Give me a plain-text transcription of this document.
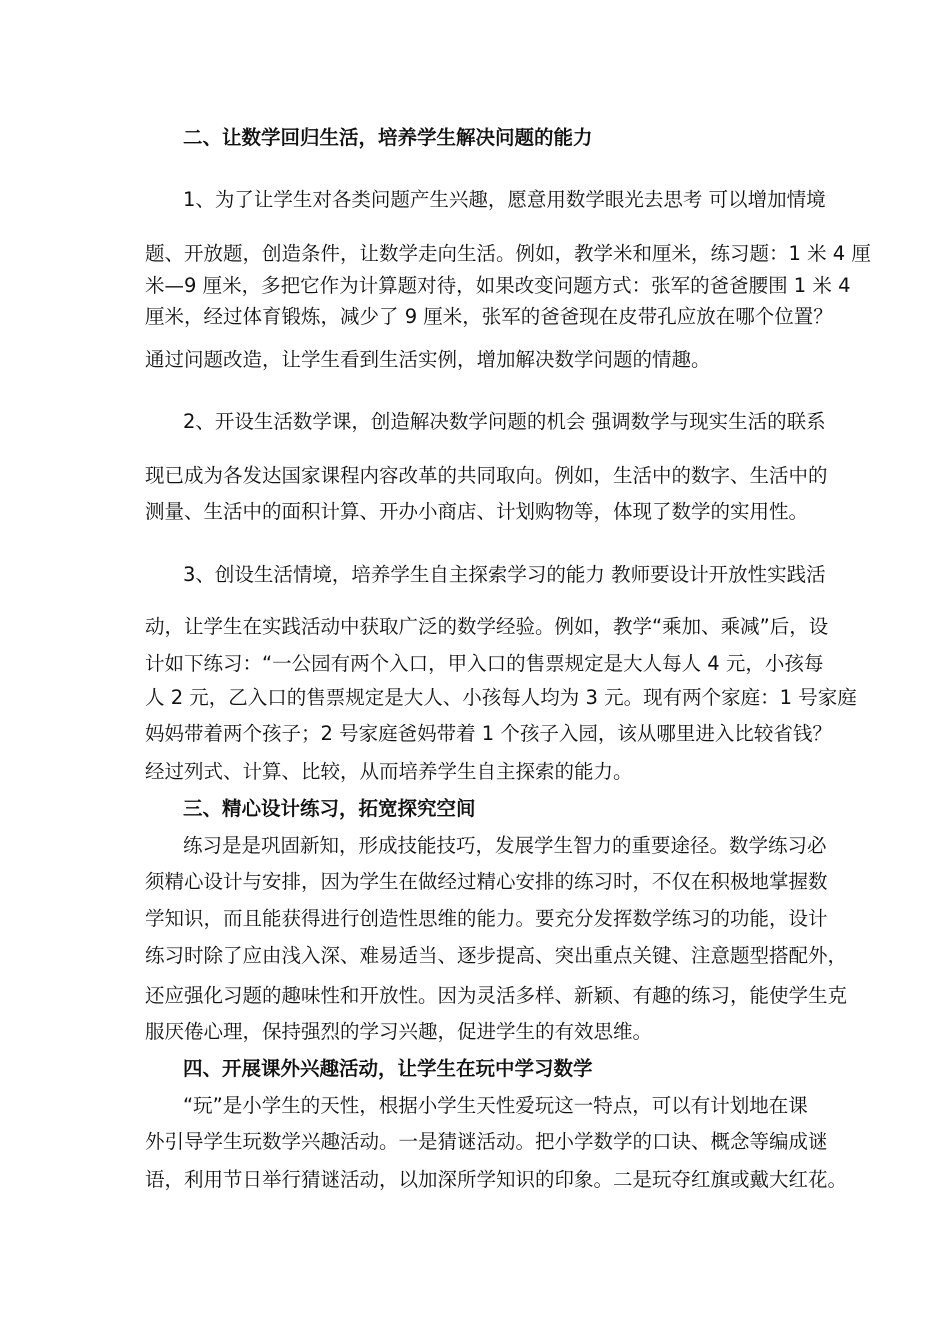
二、让数学回归生活，培养学生解决问题的能力
1、为了让学生对各类问题产生兴趣，愿意用数学眼光去思考 可以增加情境
题、开放题，创造条件，让数学走向生活。例如，教学米和厘米，练习题：1 米 4 厘
米—9 厘米，多把它作为计算题对待，如果改变问题方式：张军的爸爸腰围 1 米 4
厘米，经过体育锻炼，减少了 9 厘米，张军的爸爸现在皮带孔应放在哪个位置？
通过问题改造，让学生看到生活实例，增加解决数学问题的情趣。
2、开设生活数学课，创造解决数学问题的机会 强调数学与现实生活的联系
现已成为各发达国家课程内容改革的共同取向。例如，生活中的数字、生活中的
测量、生活中的面积计算、开办小商店、计划购物等，体现了数学的实用性。
3、创设生活情境，培养学生自主探索学习的能力 教师要设计开放性实践活
动，让学生在实践活动中获取广泛的数学经验。例如，教学“乘加、乘减”后，设
计如下练习：“一公园有两个入口，甲入口的售票规定是大人每人 4 元，小孩每
人 2 元，乙入口的售票规定是大人、小孩每人均为 3 元。现有两个家庭：1 号家庭
妈妈带着两个孩子；2 号家庭爸妈带着 1 个孩子入园，该从哪里进入比较省钱？
经过列式、计算、比较，从而培养学生自主探索的能力。
三、精心设计练习，拓宽探究空间
练习是是巩固新知，形成技能技巧，发展学生智力的重要途径。数学练习必
须精心设计与安排，因为学生在做经过精心安排的练习时，不仅在积极地掌握数
学知识，而且能获得进行创造性思维的能力。要充分发挥数学练习的功能，设计
练习时除了应由浅入深、难易适当、逐步提高、突出重点关键、注意题型搭配外，
还应强化习题的趣味性和开放性。因为灵活多样、新颖、有趣的练习，能使学生克
服厌倦心理，保持强烈的学习兴趣，促进学生的有效思维。
四、开展课外兴趣活动，让学生在玩中学习数学
“玩”是小学生的天性，根据小学生天性爱玩这一特点，可以有计划地在课
外引导学生玩数学兴趣活动。一是猜谜活动。把小学数学的口诀、概念等编成谜
语，利用节日举行猜谜活动，以加深所学知识的印象。二是玩夺红旗或戴大红花。
